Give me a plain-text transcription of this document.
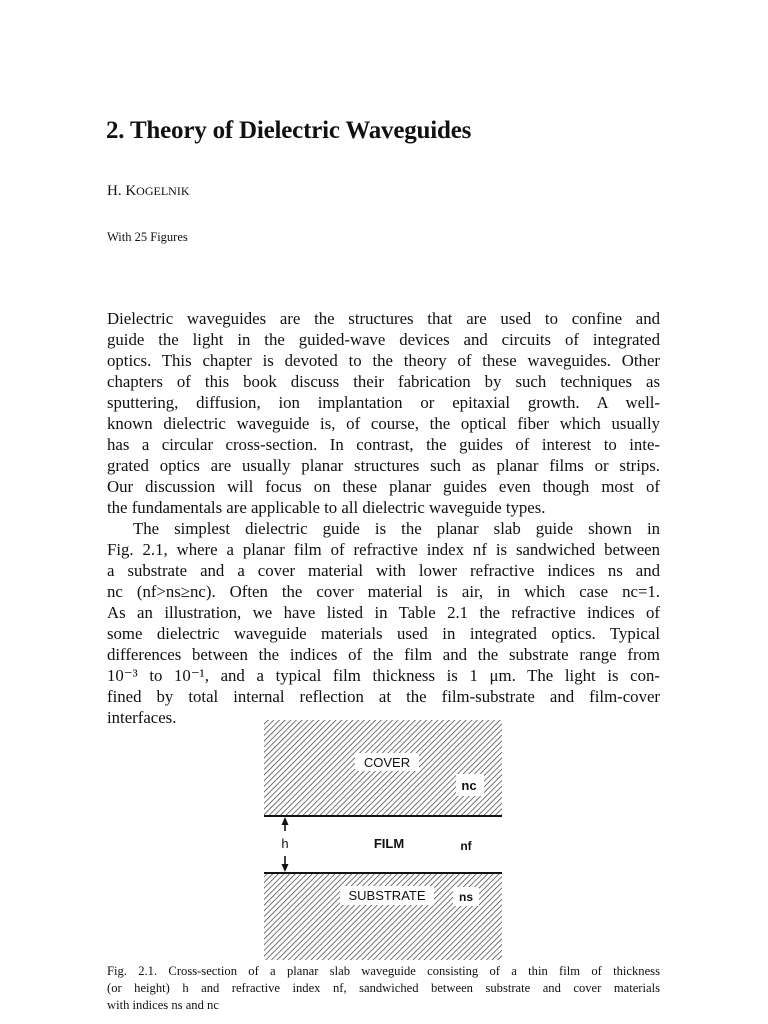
2. Theory of Dielectric Waveguides
H. KOGELNIK
With 25 Figures
Dielectric waveguides are the structures that are used to confine and
guide the light in the guided-wave devices and circuits of integrated
optics. This chapter is devoted to the theory of these waveguides. Other
chapters of this book discuss their fabrication by such techniques as
sputtering, diffusion, ion implantation or epitaxial growth. A well-
known dielectric waveguide is, of course, the optical fiber which usually
has a circular cross-section. In contrast, the guides of interest to inte-
grated optics are usually planar structures such as planar films or strips.
Our discussion will focus on these planar guides even though most of
the fundamentals are applicable to all dielectric waveguide types.
The simplest dielectric guide is the planar slab guide shown in
Fig. 2.1, where a planar film of refractive index nf is sandwiched between
a substrate and a cover material with lower refractive indices ns and
nc (nf>ns≥nc). Often the cover material is air, in which case nc=1.
As an illustration, we have listed in Table 2.1 the refractive indices of
some dielectric waveguide materials used in integrated optics. Typical
differences between the indices of the film and the substrate range from
10⁻³ to 10⁻¹, and a typical film thickness is 1 μm. The light is con-
fined by total internal reflection at the film-substrate and film-cover
interfaces.
COVER
nc
h	FILM	nf
SUBSTRATE	ns
Fig. 2.1. Cross-section of a planar slab waveguide consisting of a thin film of thickness
(or height) h and refractive index nf, sandwiched between substrate and cover materials
with indices ns and nc
